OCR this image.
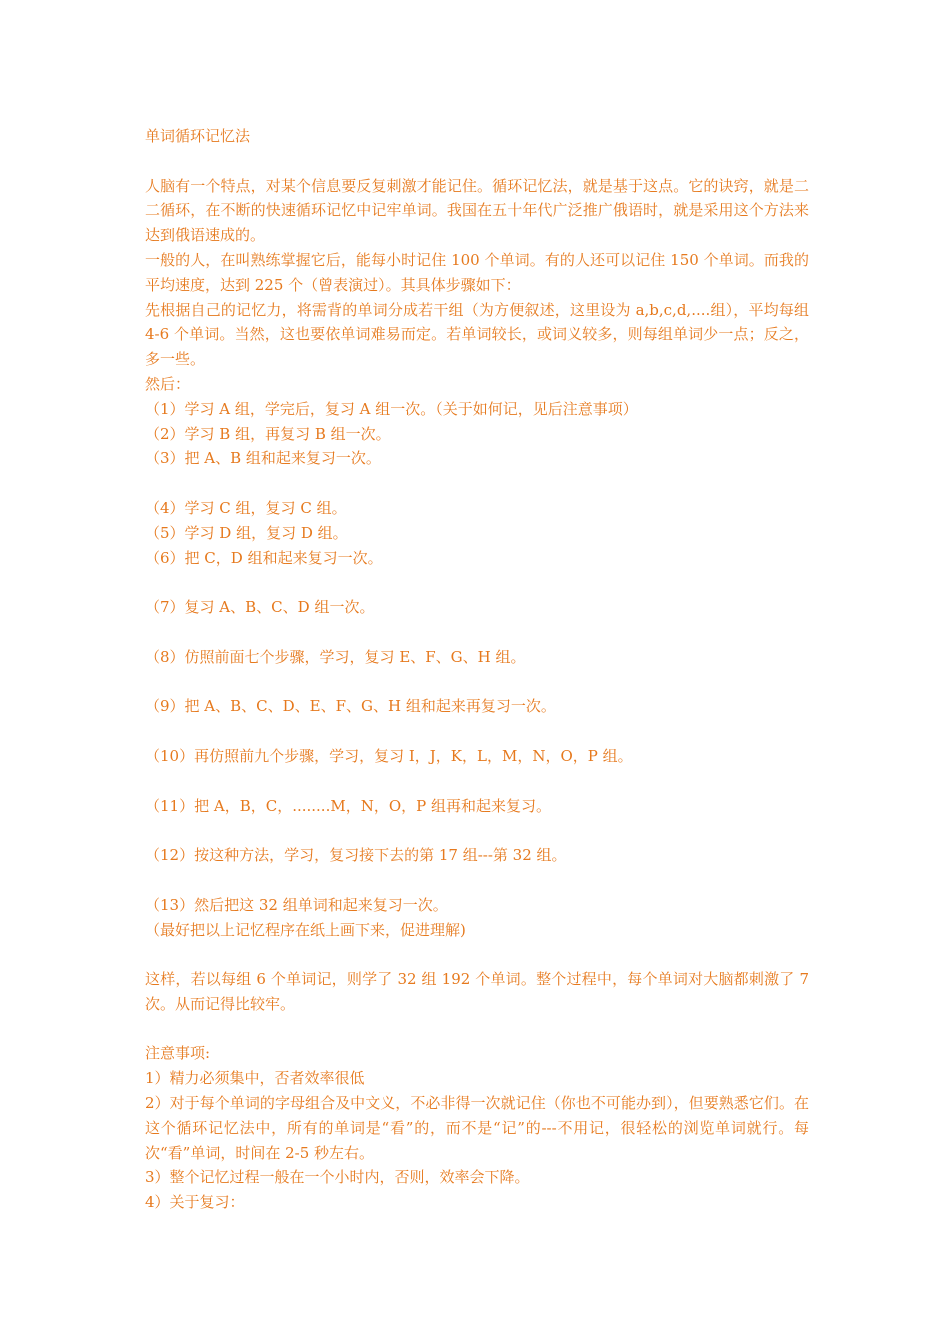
单词循环记忆法
人脑有一个特点，对某个信息要反复刺激才能记住。循环记忆法，就是基于这点。它的诀窍，就是二二循环，在不断的快速循环记忆中记牢单词。我国在五十年代广泛推广俄语时，就是采用这个方法来达到俄语速成的。
一般的人，在叫熟练掌握它后，能每小时记住 100 个单词。有的人还可以记住 150 个单词。而我的平均速度，达到 225 个（曾表演过）。其具体步骤如下：
先根据自己的记忆力，将需背的单词分成若干组（为方便叙述，这里设为 a,b,c,d,....组），平均每组 4-6 个单词。当然，这也要依单词难易而定。若单词较长，或词义较多，则每组单词少一点；反之，多一些。
然后：
（1）学习 A 组，学完后，复习 A 组一次。（关于如何记，见后注意事项）
（2）学习 B 组，再复习 B 组一次。
（3）把 A、B 组和起来复习一次。
（4）学习 C 组，复习 C 组。
（5）学习 D 组，复习 D 组。
（6）把 C，D 组和起来复习一次。
（7）复习 A、B、C、D 组一次。
（8）仿照前面七个步骤，学习，复习 E、F、G、H 组。
（9）把 A、B、C、D、E、F、G、H 组和起来再复习一次。
（10）再仿照前九个步骤，学习，复习 I，J，K，L，M，N，O，P 组。
（11）把 A，B，C，........M，N，O，P 组再和起来复习。
（12）按这种方法，学习，复习接下去的第 17 组---第 32 组。
（13）然后把这 32 组单词和起来复习一次。
（最好把以上记忆程序在纸上画下来，促进理解)
这样，若以每组 6 个单词记，则学了 32 组 192 个单词。整个过程中，每个单词对大脑都刺激了 7 次。从而记得比较牢。
注意事项:
1）精力必须集中，否者效率很低
2）对于每个单词的字母组合及中文义，不必非得一次就记住（你也不可能办到），但要熟悉它们。在这个循环记忆法中，所有的单词是“看”的，而不是“记”的---不用记，很轻松的浏览单词就行。每次“看”单词，时间在 2-5 秒左右。
3）整个记忆过程一般在一个小时内，否则，效率会下降。
4）关于复习：
